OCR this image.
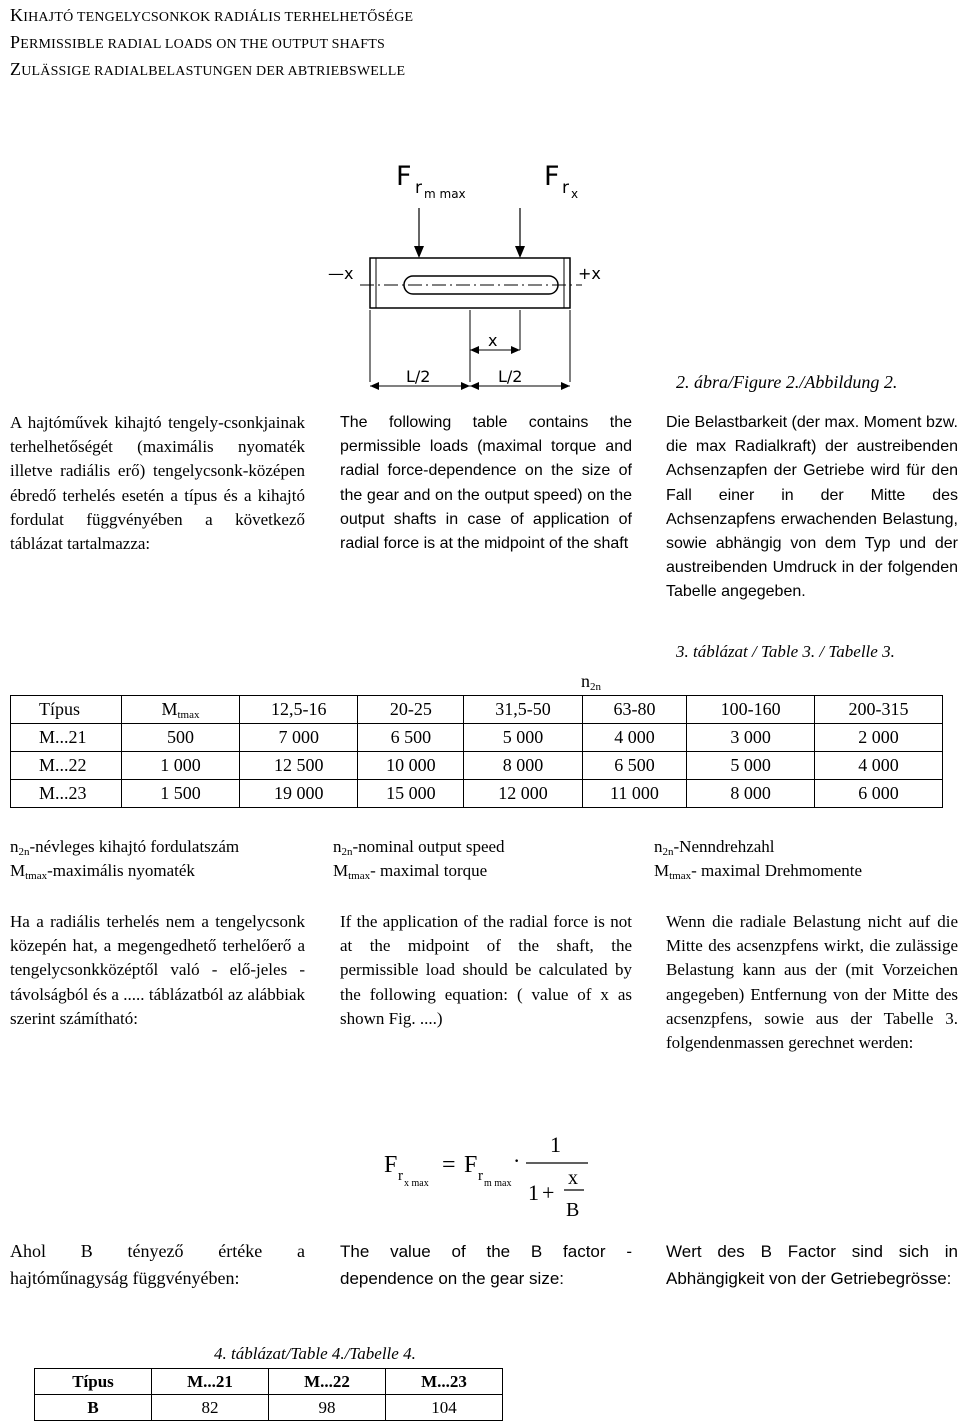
KIHAJTÓ TENGELYCSONKOK RADIÁLIS TERHELHETŐSÉGE
PERMISSIBLE RADIAL LOADS ON THE OUTPUT SHAFTS
ZULÄSSIGE RADIALBELASTUNGEN DER ABTRIEBSWELLE
F r m max
F r x
—x	+x
x
L/2	L/2	2. ábra/Figure 2./Abbildung 2.
A hajtóművek kihajtó tengely-csonkjainak terhelhetőségét (maximális nyomaték illetve radiális erő) tengelycsonk-középen ébredő terhelés esetén a típus és a kihajtó fordulat függvényében a következő táblázat tartalmazza:
The following table contains the permissible loads (maximal torque and radial force-dependence on the size of the gear and on the output speed) on the output shafts in case of application of radial force is at the midpoint of the shaft
Die Belastbarkeit (der max. Moment bzw. die max Radialkraft) der austreibenden Achsenzapfen der Getriebe wird für den Fall einer in der Mitte des Achsenzapfens erwachenden Belastung, sowie abhängig von dem Typ und der austreibenden Umdruck in der folgenden Tabelle angegeben.
3. táblázat / Table 3. / Tabelle 3.
		$n_{2n}$
Típus	$M_{tmax}$	12,5-16	20-25	31,5-50	63-80	100-160	200-315
M...21	500	7 000	6 500	5 000	4 000	3 000	2 000
M...22	1 000	12 500	10 000	8 000	6 500	5 000	4 000
M...23	1 500	19 000	15 000	12 000	11 000	8 000	6 000
$n_{2n}$-névleges kihajtó fordulatszám
$M_{tmax}$-maximális nyomaték
$n_{2n}$-nominal output speed
$M_{tmax}-$ maximal torque
$n_{2n}$-Nenndrehzahl
$M_{tmax}-$ maximal Drehmomente
Ha a radiális terhelés nem a tengelycsonk közepén hat, a megengedhető terhelőerő a tengelycsonkközéptől való - elő-jeles - távolságból és a ..... táblázatból az alábbiak szerint számítható:
If the application of the radial force is not at the midpoint of the shaft, the permissible load should be calculated by the following equation: ( value of x as shown Fig. ....)
Wenn die radiale Belastung nicht auf die Mitte des acsenzpfens wirkt, die zulässige Belastung kann aus der (mit Vorzeichen angegeben) Entfernung von der Mitte des acsenzpfens, sowie aus der Tabelle 3. folgendenmassen gerechnet werden:
F r x max
= F r m max
·
1
1 +
x
B
Ahol B tényező értéke a hajtóműnagyság függvényében:
The value of the B factor - dependence on the gear size:
Wert des B Factor sind sich in Abhängigkeit von der Getriebegrösse:
4. táblázat/Table 4./Tabelle 4.
Típus	M...21	M...22	M...23
B	82	98	104
